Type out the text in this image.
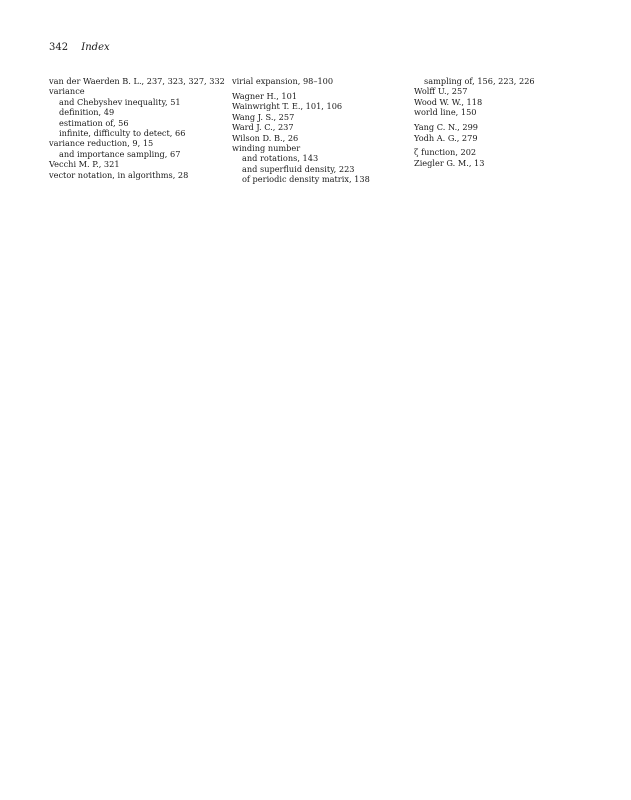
342 Index
van der Waerden B. L., 237, 323, 327, 332
variance
and Chebyshev inequality, 51
definition, 49
estimation of, 56
infinite, difficulty to detect, 66
variance reduction, 9, 15
and importance sampling, 67
Vecchi M. P., 321
vector notation, in algorithms, 28
virial expansion, 98–100
Wagner H., 101
Wainwright T. E., 101, 106
Wang J. S., 257
Ward J. C., 237
Wilson D. B., 26
winding number
and rotations, 143
and superfluid density, 223
of periodic density matrix, 138
sampling of, 156, 223, 226
Wolff U., 257
Wood W. W., 118
world line, 150
Yang C. N., 299
Yodh A. G., 279
ζ function, 202
Ziegler G. M., 13
